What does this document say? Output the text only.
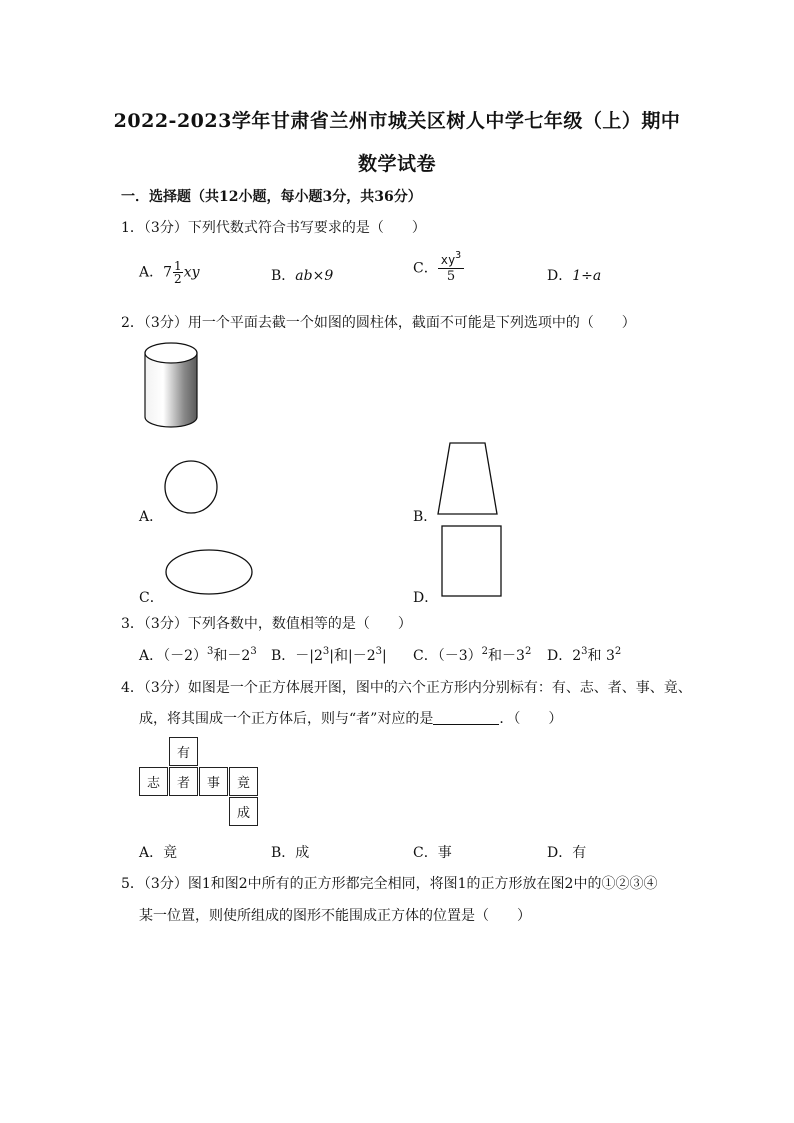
2022-2023学年甘肃省兰州市城关区树人中学七年级（上）期中
数学试卷
一．选择题（共12小题，每小题3分，共36分）
1．（3分）下列代数式符合书写要求的是（　　）
A．$7 \frac{1}{2}$ xy	B．ab×9	C． $\frac{xy^3}{5}$	D．1÷a
2．（3分）用一个平面去截一个如图的圆柱体，截面不可能是下列选项中的（　　）
A．	B．
C．	D．
3．（3分）下列各数中，数值相等的是（　　）
A．$(-2)^3$和$-2^3$ B．$-|2^3|$和$|-2^3|$ C．$(-3)^2$和$-3^2$ D．$2^3$和 $3^2$
4．（3分）如图是一个正方体展开图，图中的六个正方形内分别标有：有、志、者、事、竟、
成，将其围成一个正方体后，则与“者”对应的是	．（　　）
有
志	者	事	竟
成
A．竟	B．成	C．事	D．有
5．（3分）图1和图2中所有的正方形都完全相同，将图1的正方形放在图2中的①②③④
某一位置，则使所组成的图形不能围成正方体的位置是（　　）
